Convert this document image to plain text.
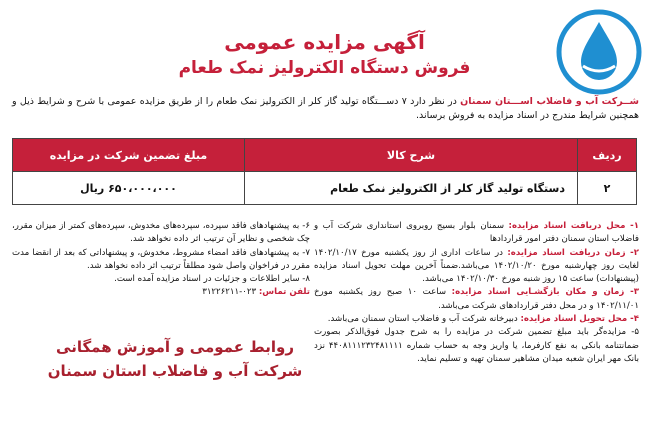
آگهی مزایده عمومی
فروش دستگاه الکترولیز نمک طعام
شــرکت آب و فاضلاب اســـتان سمنان در نظر دارد ۷ دســـتگاه تولید گاز کلر از الکترولیز نمک طعام را از طریق مزایده عمومی با شرح و شرایط ذیل و همچنین شرایط مندرج در اسناد مزایده به فروش برساند.
ردیف	شرح کالا	مبلغ تضمین شرکت در مزایده
۲	دستگاه تولید گاز کلر از الکترولیز نمک طعام	۶۵۰،۰۰۰،۰۰۰ ریال
۱- محل دریافت اسناد مزایده: سمنان بلوار بسیج روبروی استانداری شرکت آب و فاضلاب استان سمنان دفتر امور قراردادها
۲- زمان دریافت اسناد مزایده: در ساعات اداری از روز یکشنبه مورخ ۱۴۰۲/۱۰/۱۷ لغایت روز چهارشنبه مورخ ۱۴۰۲/۱۰/۲۰ می‌باشد.ضمناً آخرین مهلت تحویل اسناد مزایده (پیشنهادات) ساعت ۱۵ روز شنبه مورخ ۱۴۰۲/۱۰/۳۰ می‌باشد.
۳- زمان و مکان بازگشـایی اسناد مزایده: ساعت ۱۰ صبح روز یکشنبه مورخ ۱۴۰۲/۱۱/۰۱ و در محل دفتر قراردادهای شرکت می‌باشد.
۴- محل تحویل اسناد مزایده: دبیرخانه شرکت آب و فاضلاب استان سمنان می‌باشد.
۵- مزایده‌گر باید مبلغ تضمین شرکت در مزایده را به شرح جدول فوق‌الذکر بصورت ضمانتنامه بانکی به نفع کارفرما، یا واریز وجه به حساب شماره ۴۴۰۸۱۱۱۲۳۲۴۸۱۱۱۱ نزد بانک مهر ایران شعبه میدان مشاهیر سمنان تهیه و تسلیم نماید.
۶- به پیشنهادهای فاقد سپرده، سپرده‌های مخدوش، سپرده‌های کمتر از میزان مقرر، چک شخصی و نظایر آن ترتیب اثر داده نخواهد شد.
۷- به پیشنهادهای فاقد امضاء مشروط، مخدوش، و پیشنهاداتی که بعد از انقضا مدت مقرر در فراخوان واصل شود مطلقاً ترتیب اثر داده نخواهد شد.
۸- سایر اطلاعات و جزئیات در اسناد مزایده آمده است.
تلفن تماس: ۰۲۳-۳۱۲۲۶۲۱۱
روابط عمومی و آموزش همگانی
شرکت آب و فاضلاب استان سمنان
